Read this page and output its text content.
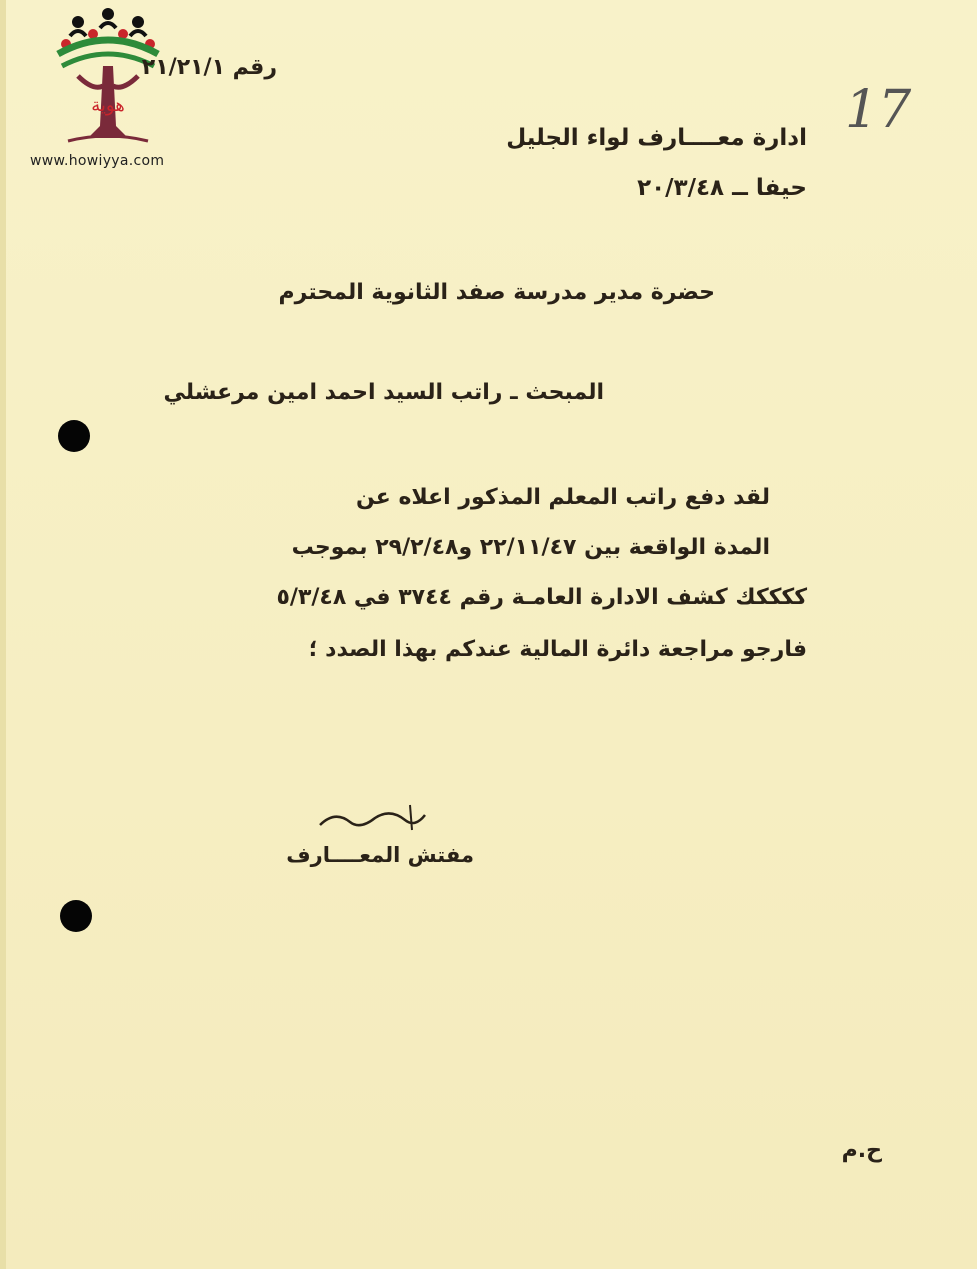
هوية
www.howiyya.com
رقم ٢١/٢١/١
17
ادارة معــــارف لواء الجليل
حيفا ــ ٢٠/٣/٤٨
حضرة مدير مدرسة صفد الثانوية المحترم
المبحث ـ راتب السيد احمد امين مرعشلي
لقد دفع راتب المعلم المذكور اعلاه عن
المدة الواقعة بين ٢٢/١١/٤٧ و٢٩/٢/٤٨ بموجب
ككككك كشف الادارة العامـة رقم ٣٧٤٤ في ٥/٣/٤٨
فارجو مراجعة دائرة المالية عندكم بهذا الصدد ؛
مفتش المعــــارف
ح.م
